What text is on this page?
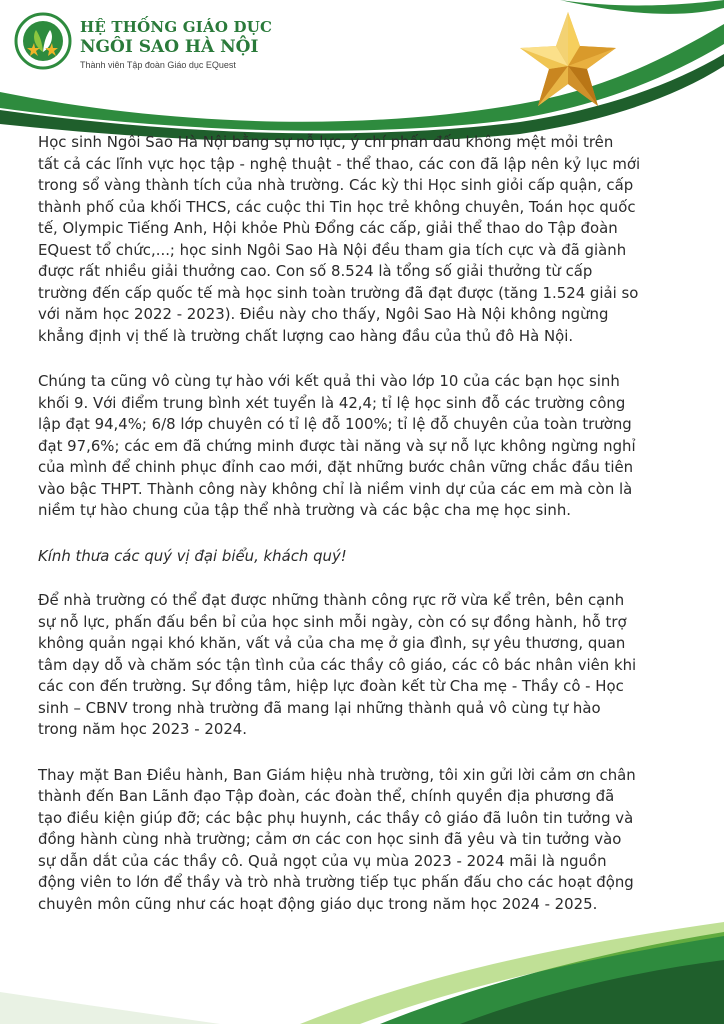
HỆ THỐNG GIÁO DỤC
NGÔI SAO HÀ NỘI
Thành viên Tập đoàn Giáo dục EQuest

Học sinh Ngôi Sao Hà Nội bằng sự nỗ lực, ý chí phấn đấu không mệt mỏi trên
tất cả các lĩnh vực học tập - nghệ thuật - thể thao, các con đã lập nên kỷ lục mới
trong sổ vàng thành tích của nhà trường. Các kỳ thi Học sinh giỏi cấp quận, cấp
thành phố của khối THCS, các cuộc thi Tin học trẻ không chuyên, Toán học quốc
tế, Olympic Tiếng Anh, Hội khỏe Phù Đổng các cấp, giải thể thao do Tập đoàn
EQuest tổ chức,...; học sinh Ngôi Sao Hà Nội đều tham gia tích cực và đã giành
được rất nhiều giải thưởng cao. Con số 8.524 là tổng số giải thưởng từ cấp
trường đến cấp quốc tế mà học sinh toàn trường đã đạt được (tăng 1.524 giải so
với năm học 2022 - 2023). Điều này cho thấy, Ngôi Sao Hà Nội không ngừng
khẳng định vị thế là trường chất lượng cao hàng đầu của thủ đô Hà Nội.

Chúng ta cũng vô cùng tự hào với kết quả thi vào lớp 10 của các bạn học sinh
khối 9. Với điểm trung bình xét tuyển là 42,4; tỉ lệ học sinh đỗ các trường công
lập đạt 94,4%; 6/8 lớp chuyên có tỉ lệ đỗ 100%; tỉ lệ đỗ chuyên của toàn trường
đạt 97,6%; các em đã chứng minh được tài năng và sự nỗ lực không ngừng nghỉ
của mình để chinh phục đỉnh cao mới, đặt những bước chân vững chắc đầu tiên
vào bậc THPT. Thành công này không chỉ là niềm vinh dự của các em mà còn là
niềm tự hào chung của tập thể nhà trường và các bậc cha mẹ học sinh.

Kính thưa các quý vị đại biểu, khách quý!

Để nhà trường có thể đạt được những thành công rực rỡ vừa kể trên, bên cạnh
sự nỗ lực, phấn đấu bền bỉ của học sinh mỗi ngày, còn có sự đồng hành, hỗ trợ
không quản ngại khó khăn, vất vả của cha mẹ ở gia đình, sự yêu thương, quan
tâm dạy dỗ và chăm sóc tận tình của các thầy cô giáo, các cô bác nhân viên khi
các con đến trường. Sự đồng tâm, hiệp lực đoàn kết từ Cha mẹ - Thầy cô - Học
sinh – CBNV trong nhà trường đã mang lại những thành quả vô cùng tự hào
trong năm học 2023 - 2024.

Thay mặt Ban Điều hành, Ban Giám hiệu nhà trường, tôi xin gửi lời cảm ơn chân
thành đến Ban Lãnh đạo Tập đoàn, các đoàn thể, chính quyền địa phương đã
tạo điều kiện giúp đỡ; các bậc phụ huynh, các thầy cô giáo đã luôn tin tưởng và
đồng hành cùng nhà trường; cảm ơn các con học sinh đã yêu và tin tưởng vào
sự dẫn dắt của các thầy cô. Quả ngọt của vụ mùa 2023 - 2024 mãi là nguồn
động viên to lớn để thầy và trò nhà trường tiếp tục phấn đấu cho các hoạt động
chuyên môn cũng như các hoạt động giáo dục trong năm học 2024 - 2025.
